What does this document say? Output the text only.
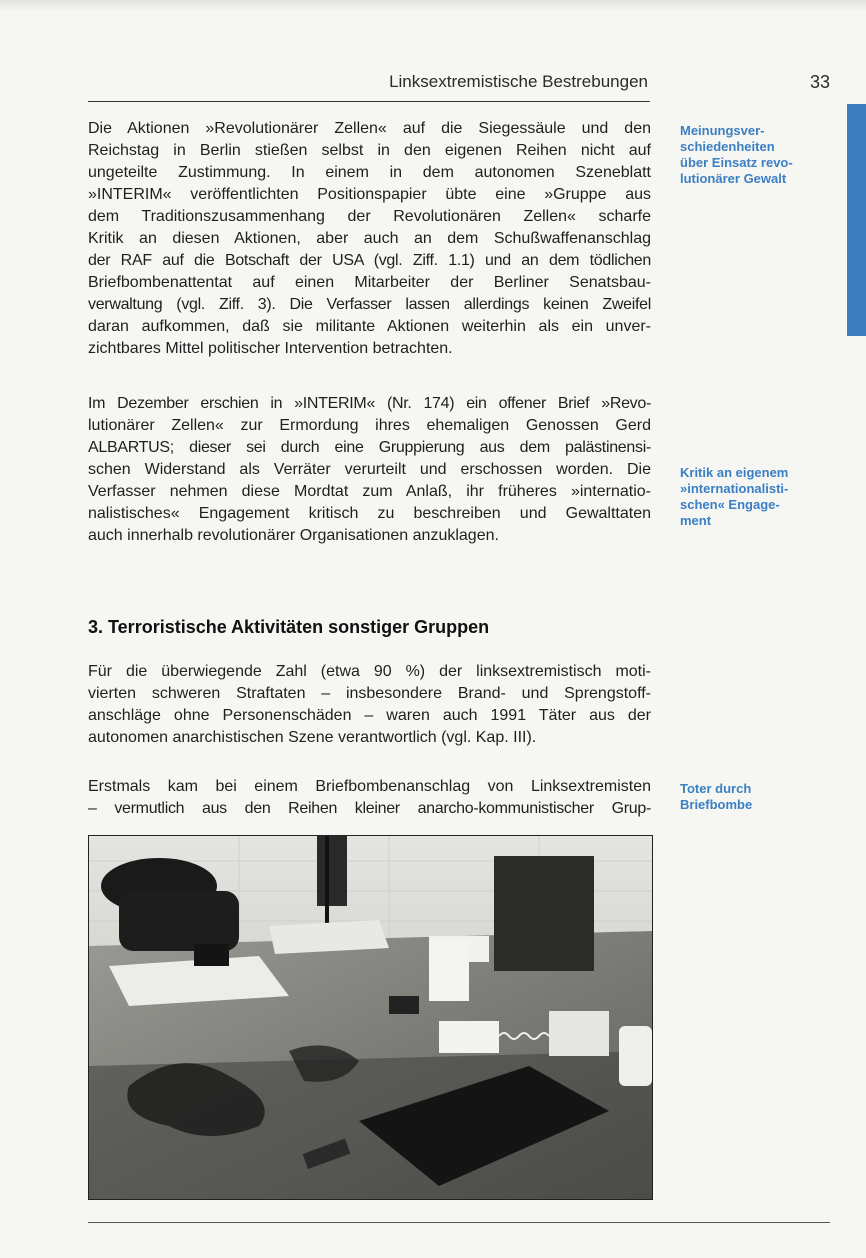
Linksextremistische Bestrebungen	33

Die Aktionen »Revolutionärer Zellen« auf die Siegessäule und den
Reichstag in Berlin stießen selbst in den eigenen Reihen nicht auf
ungeteilte Zustimmung. In einem in dem autonomen Szeneblatt
»INTERIM« veröffentlichten Positionspapier übte eine »Gruppe aus
dem Traditionszusammenhang der Revolutionären Zellen« scharfe
Kritik an diesen Aktionen, aber auch an dem Schußwaffenanschlag
der RAF auf die Botschaft der USA (vgl. Ziff. 1.1) und an dem tödlichen
Briefbombenattentat auf einen Mitarbeiter der Berliner Senatsbau-
verwaltung (vgl. Ziff. 3). Die Verfasser lassen allerdings keinen Zweifel
daran aufkommen, daß sie militante Aktionen weiterhin als ein unver-
zichtbares Mittel politischer Intervention betrachten.

Meinungsver-
schiedenheiten
über Einsatz revo-
lutionärer Gewalt

Im Dezember erschien in »INTERIM« (Nr. 174) ein offener Brief »Revo-
lutionärer Zellen« zur Ermordung ihres ehemaligen Genossen Gerd
ALBARTUS; dieser sei durch eine Gruppierung aus dem palästinensi-
schen Widerstand als Verräter verurteilt und erschossen worden. Die
Verfasser nehmen diese Mordtat zum Anlaß, ihr früheres »internatio-
nalistisches« Engagement kritisch zu beschreiben und Gewalttaten
auch innerhalb revolutionärer Organisationen anzuklagen.

Kritik an eigenem
»internationalisti-
schen« Engage-
ment

3. Terroristische Aktivitäten sonstiger Gruppen

Für die überwiegende Zahl (etwa 90 %) der linksextremistisch moti-
vierten schweren Straftaten – insbesondere Brand- und Sprengstoff-
anschläge ohne Personenschäden – waren auch 1991 Täter aus der
autonomen anarchistischen Szene verantwortlich (vgl. Kap. III).

Erstmals kam bei einem Briefbombenanschlag von Linksextremisten
– vermutlich aus den Reihen kleiner anarcho-kommunistischer Grup-

Toter durch
Briefbombe
